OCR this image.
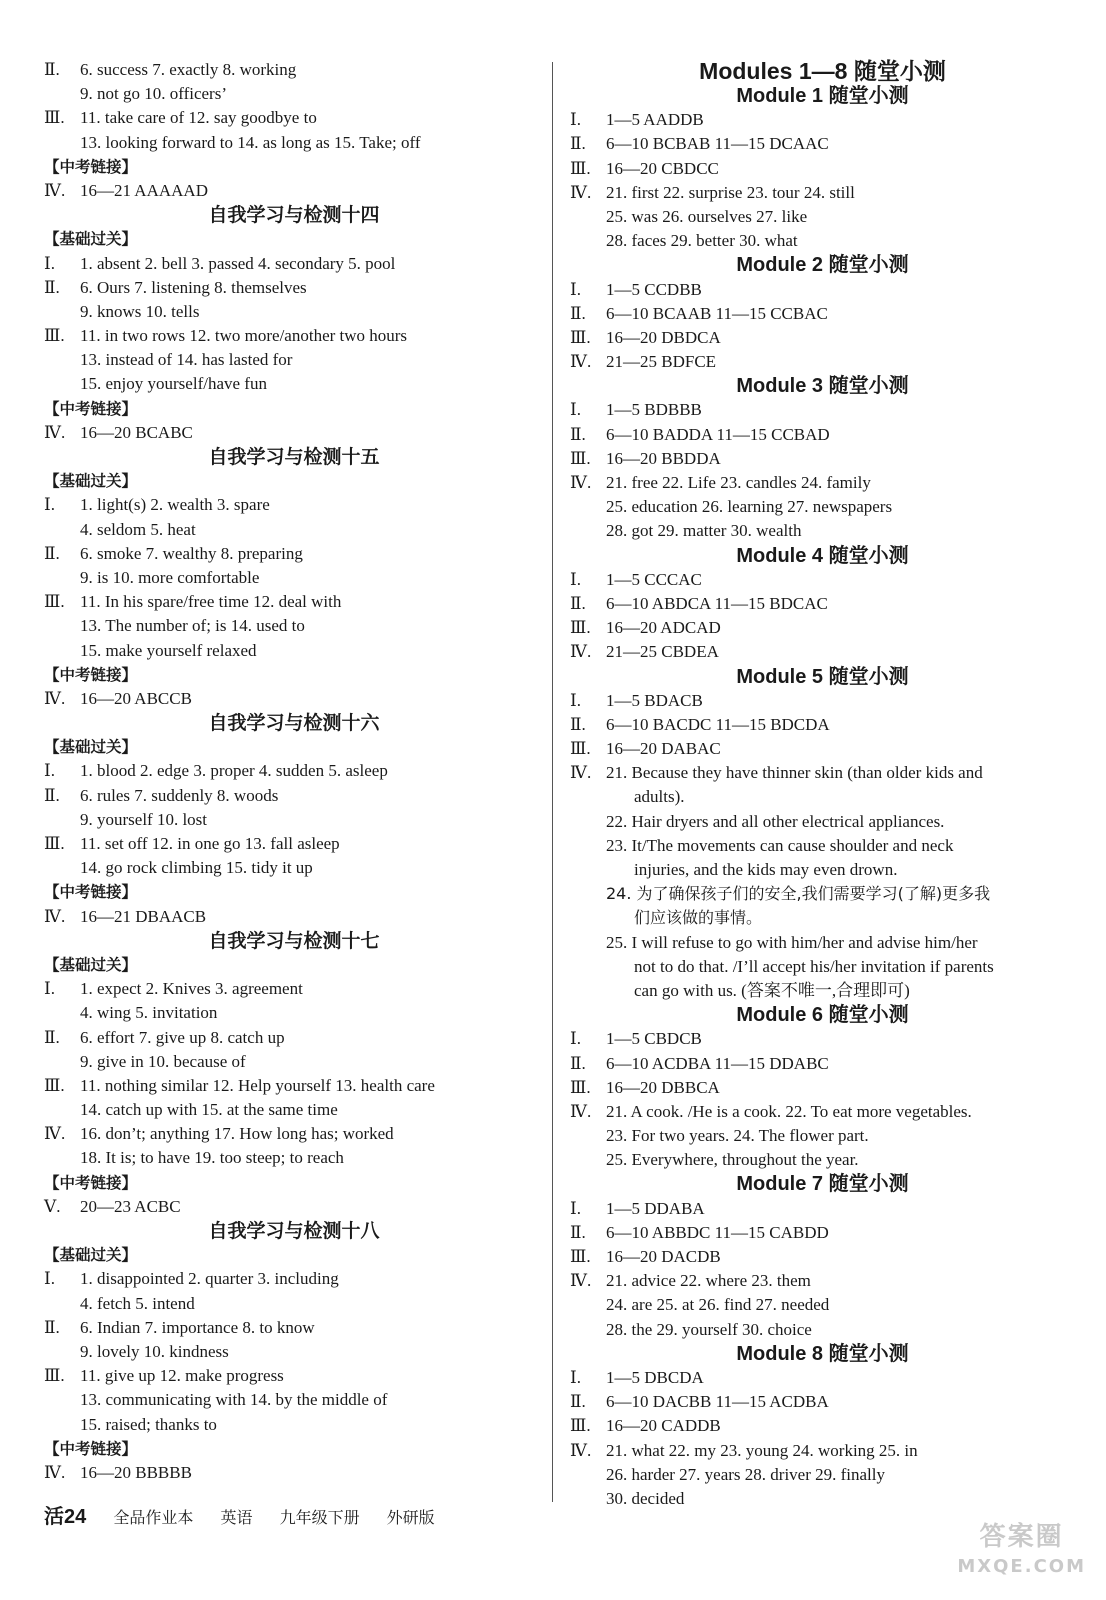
Ⅱ. 6. success 7. exactly 8. working
9. not go 10. officers’
Ⅲ. 11. take care of 12. say goodbye to
13. looking forward to 14. as long as 15. Take; off
【中考链接】
Ⅳ. 16—21 AAAAAD
自我学习与检测十四
【基础过关】
Ⅰ. 1. absent 2. bell 3. passed 4. secondary 5. pool
Ⅱ. 6. Ours 7. listening 8. themselves
9. knows 10. tells
Ⅲ. 11. in two rows 12. two more/another two hours
13. instead of 14. has lasted for
15. enjoy yourself/have fun
【中考链接】
Ⅳ. 16—20 BCABC
自我学习与检测十五
【基础过关】
Ⅰ. 1. light(s) 2. wealth 3. spare
4. seldom 5. heat
Ⅱ. 6. smoke 7. wealthy 8. preparing
9. is 10. more comfortable
Ⅲ. 11. In his spare/free time 12. deal with
13. The number of; is 14. used to
15. make yourself relaxed
【中考链接】
Ⅳ. 16—20 ABCCB
自我学习与检测十六
【基础过关】
Ⅰ. 1. blood 2. edge 3. proper 4. sudden 5. asleep
Ⅱ. 6. rules 7. suddenly 8. woods
9. yourself 10. lost
Ⅲ. 11. set off 12. in one go 13. fall asleep
14. go rock climbing 15. tidy it up
【中考链接】
Ⅳ. 16—21 DBAACB
自我学习与检测十七
【基础过关】
Ⅰ. 1. expect 2. Knives 3. agreement
4. wing 5. invitation
Ⅱ. 6. effort 7. give up 8. catch up
9. give in 10. because of
Ⅲ. 11. nothing similar 12. Help yourself 13. health care
14. catch up with 15. at the same time
Ⅳ. 16. don’t; anything 17. How long has; worked
18. It is; to have 19. too steep; to reach
【中考链接】
Ⅴ. 20—23 ACBC
自我学习与检测十八
【基础过关】
Ⅰ. 1. disappointed 2. quarter 3. including
4. fetch 5. intend
Ⅱ. 6. Indian 7. importance 8. to know
9. lovely 10. kindness
Ⅲ. 11. give up 12. make progress
13. communicating with 14. by the middle of
15. raised; thanks to
【中考链接】
Ⅳ. 16—20 BBBBB
Modules 1—8 随堂小测
Module 1 随堂小测
Ⅰ. 1—5 AADDB
Ⅱ. 6—10 BCBAB 11—15 DCAAC
Ⅲ. 16—20 CBDCC
Ⅳ. 21. first 22. surprise 23. tour 24. still
25. was 26. ourselves 27. like
28. faces 29. better 30. what
Module 2 随堂小测
Ⅰ. 1—5 CCDBB
Ⅱ. 6—10 BCAAB 11—15 CCBAC
Ⅲ. 16—20 DBDCA
Ⅳ. 21—25 BDFCE
Module 3 随堂小测
Ⅰ. 1—5 BDBBB
Ⅱ. 6—10 BADDA 11—15 CCBAD
Ⅲ. 16—20 BBDDA
Ⅳ. 21. free 22. Life 23. candles 24. family
25. education 26. learning 27. newspapers
28. got 29. matter 30. wealth
Module 4 随堂小测
Ⅰ. 1—5 CCCAC
Ⅱ. 6—10 ABDCA 11—15 BDCAC
Ⅲ. 16—20 ADCAD
Ⅳ. 21—25 CBDEA
Module 5 随堂小测
Ⅰ. 1—5 BDACB
Ⅱ. 6—10 BACDC 11—15 BDCDA
Ⅲ. 16—20 DABAC
Ⅳ. 21. Because they have thinner skin (than older kids and
adults).
22. Hair dryers and all other electrical appliances.
23. It/The movements can cause shoulder and neck
injuries, and the kids may even drown.
24. 为了确保孩子们的安全,我们需要学习(了解)更多我
们应该做的事情。
25. I will refuse to go with him/her and advise him/her
not to do that. /I’ll accept his/her invitation if parents
can go with us. (答案不唯一,合理即可)
Module 6 随堂小测
Ⅰ. 1—5 CBDCB
Ⅱ. 6—10 ACDBA 11—15 DDABC
Ⅲ. 16—20 DBBCA
Ⅳ. 21. A cook. /He is a cook. 22. To eat more vegetables.
23. For two years. 24. The flower part.
25. Everywhere, throughout the year.
Module 7 随堂小测
Ⅰ. 1—5 DDABA
Ⅱ. 6—10 ABBDC 11—15 CABDD
Ⅲ. 16—20 DACDB
Ⅳ. 21. advice 22. where 23. them
24. are 25. at 26. find 27. needed
28. the 29. yourself 30. choice
Module 8 随堂小测
Ⅰ. 1—5 DBCDA
Ⅱ. 6—10 DACBB 11—15 ACDBA
Ⅲ. 16—20 CADDB
Ⅳ. 21. what 22. my 23. young 24. working 25. in
26. harder 27. years 28. driver 29. finally
30. decided
活24 全品作业本 英语 九年级下册 外研版
答案圈
MXQE.COM
